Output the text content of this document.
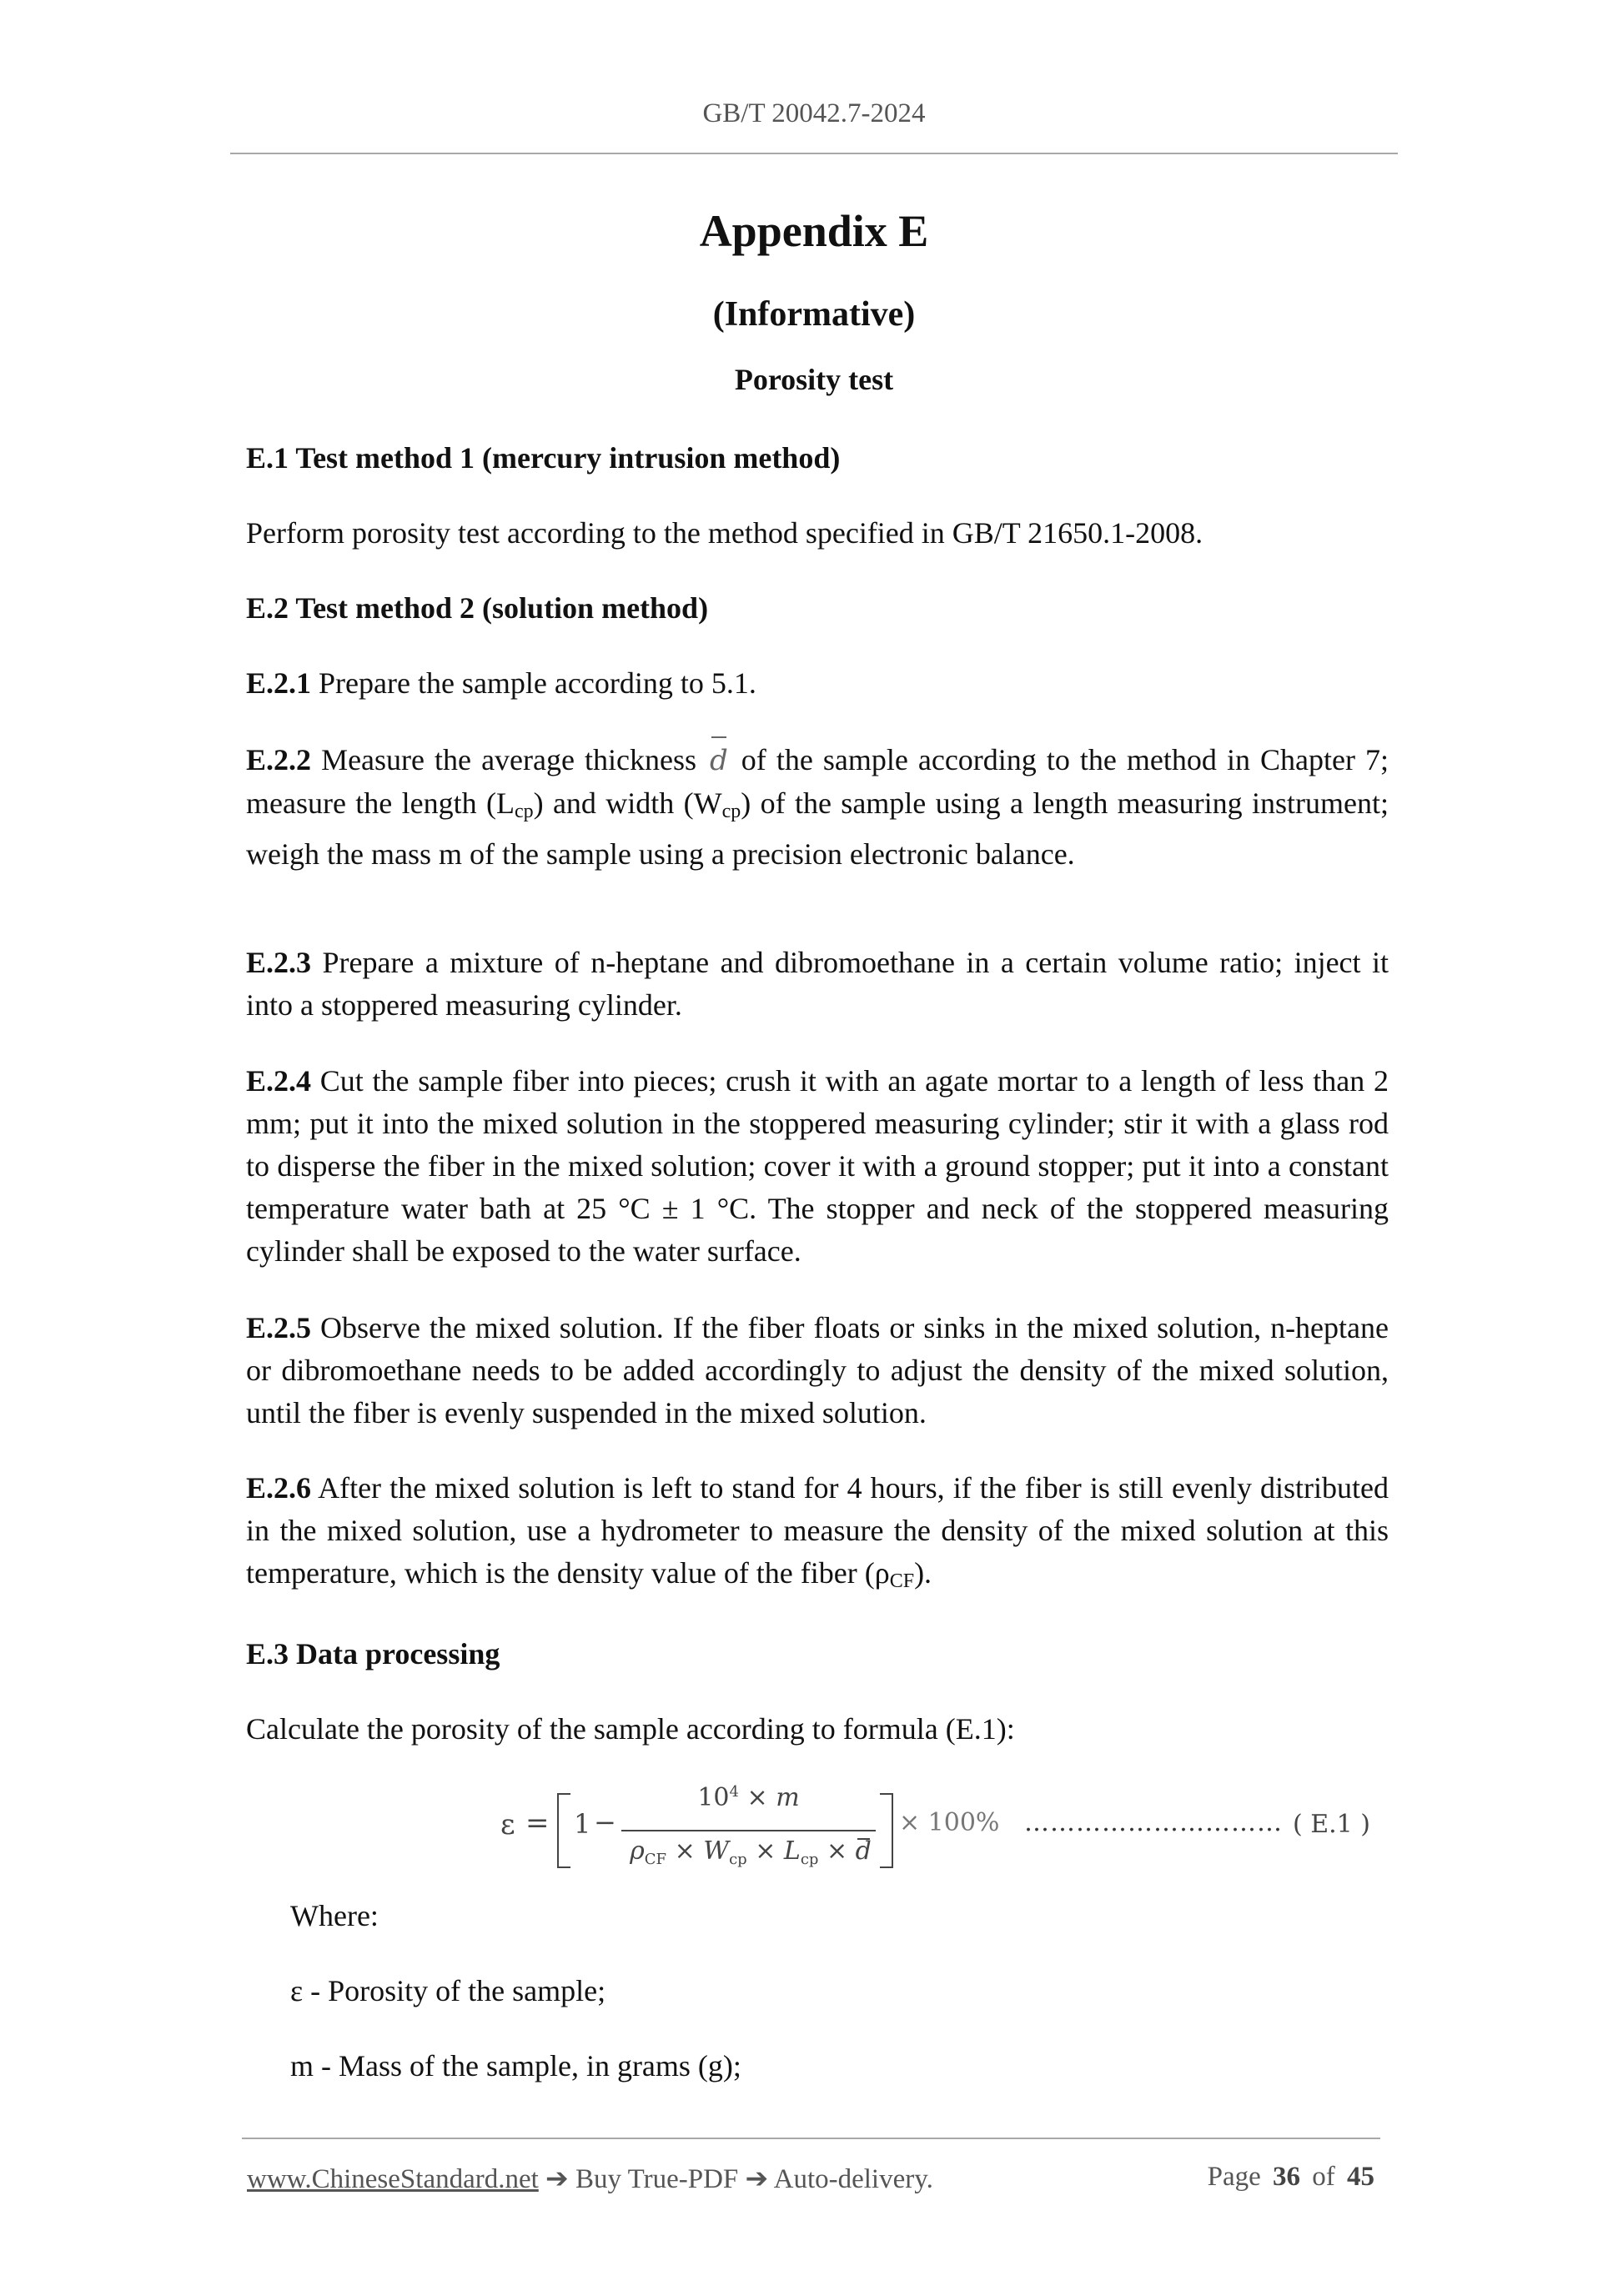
GB/T 20042.7-2024
Appendix E
(Informative)
Porosity test
E.1 Test method 1 (mercury intrusion method)
Perform porosity test according to the method specified in GB/T 21650.1-2008.
E.2 Test method 2 (solution method)
E.2.1 Prepare the sample according to 5.1.
E.2.2 Measure the average thickness d of the sample according to the method in Chapter 7; measure the length $(L_{cp})$ and width $(W_{cp})$ of the sample using a length measuring instrument; weigh the mass m of the sample using a precision electronic balance.
E.2.3 Prepare a mixture of n-heptane and dibromoethane in a certain volume ratio; inject it into a stoppered measuring cylinder.
E.2.4 Cut the sample fiber into pieces; crush it with an agate mortar to a length of less than 2 mm; put it into the mixed solution in the stoppered measuring cylinder; stir it with a glass rod to disperse the fiber in the mixed solution; cover it with a ground stopper; put it into a constant temperature water bath at 25 °C ± 1 °C. The stopper and neck of the stoppered measuring cylinder shall be exposed to the water surface.
E.2.5 Observe the mixed solution. If the fiber floats or sinks in the mixed solution, n-heptane or dibromoethane needs to be added accordingly to adjust the density of the mixed solution, until the fiber is evenly suspended in the mixed solution.
E.2.6 After the mixed solution is left to stand for 4 hours, if the fiber is still evenly distributed in the mixed solution, use a hydrometer to measure the density of the mixed solution at this temperature, which is the density value of the fiber $(\rho_{CF})$.
E.3 Data processing
Calculate the porosity of the sample according to formula (E.1):
ε = 1 −
$10^4 \times m$
$\rho_{CF} \times W_{cp} \times L_{cp} \times d$
× 100% ………………………… ( E.1 )
Where:
ε - Porosity of the sample;
m - Mass of the sample, in grams (g);
www.ChineseStandard.net ➔ Buy True-PDF ➔ Auto-delivery.	Page 36 of 45
